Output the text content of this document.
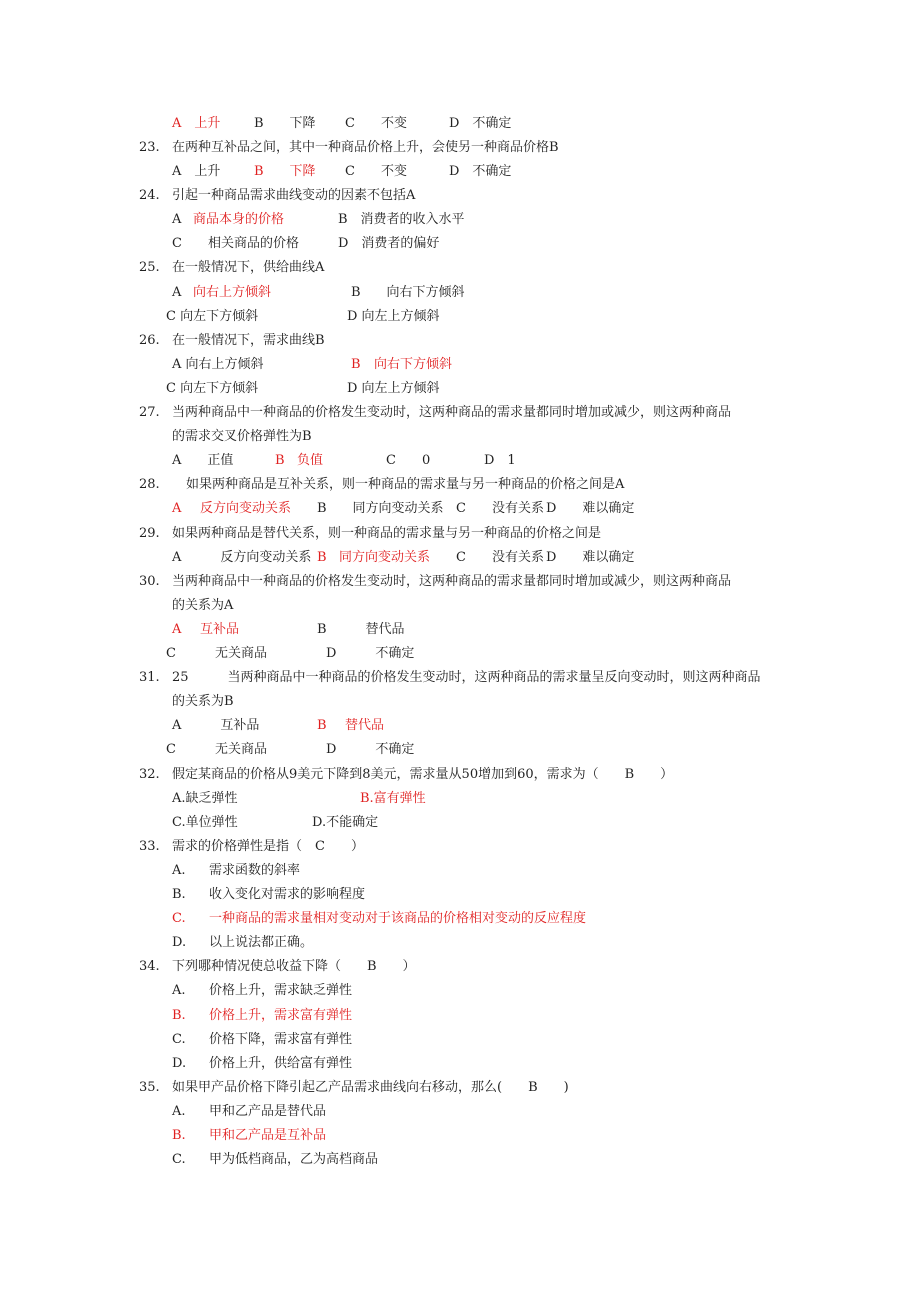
A　上升	B　　下降 C　　不变	D　不确定
23. 在两种互补品之间，其中一种商品价格上升，会使另一种商品价格B
A　上升	B　　下降 C　　不变	D　不确定
24. 引起一种商品需求曲线变动的因素不包括A
A 商品本身的价格	B　消费者的收入水平
C　　相关商品的价格	D　消费者的偏好
25. 在一般情况下，供给曲线A
A 向右上方倾斜	B　　向右下方倾斜
C 向左下方倾斜	D 向左上方倾斜
26. 在一般情况下，需求曲线B
A 向右上方倾斜	B 向右下方倾斜
C 向左下方倾斜	D 向左上方倾斜
27. 当两种商品中一种商品的价格发生变动时，这两种商品的需求量都同时增加或减少，则这两种商品
的需求交叉价格弹性为B
A　　正值	B 负值	C　　0	D　1
28. 如果两种商品是互补关系，则一种商品的需求量与另一种商品的价格之间是A
A 反方向变动关系 B　　同方向变动关系 C　　没有关系 D　　难以确定
29. 如果两种商品是替代关系，则一种商品的需求量与另一种商品的价格之间是
A　　　反方向变动关系 B 同方向变动关系 C　　没有关系 D　　难以确定
30. 当两种商品中一种商品的价格发生变动时，这两种商品的需求量都同时增加或减少，则这两种商品
的关系为A
A 互补品	B　　　替代品
C　　　无关商品	D　　　不确定
31. 25　　　当两种商品中一种商品的价格发生变动时，这两种商品的需求量呈反向变动时，则这两种商品
的关系为B
A　　　互补品	B 替代品
C　　　无关商品	D　　　不确定
32. 假定某商品的价格从9美元下降到8美元，需求量从50增加到60，需求为（　　B　　）
A.缺乏弹性	B.富有弹性
C.单位弹性	D.不能确定
33. 需求的价格弹性是指（　C　　）
A. 需求函数的斜率
B. 收入变化对需求的影响程度
C. 一种商品的需求量相对变动对于该商品的价格相对变动的反应程度
D. 以上说法都正确。
34. 下列哪种情况使总收益下降（　　B　　）
A. 价格上升，需求缺乏弹性
B. 价格上升，需求富有弹性
C. 价格下降，需求富有弹性
D. 价格上升，供给富有弹性
35. 如果甲产品价格下降引起乙产品需求曲线向右移动，那么(　　B　　)
A. 甲和乙产品是替代品
B. 甲和乙产品是互补品
C. 甲为低档商品，乙为高档商品
